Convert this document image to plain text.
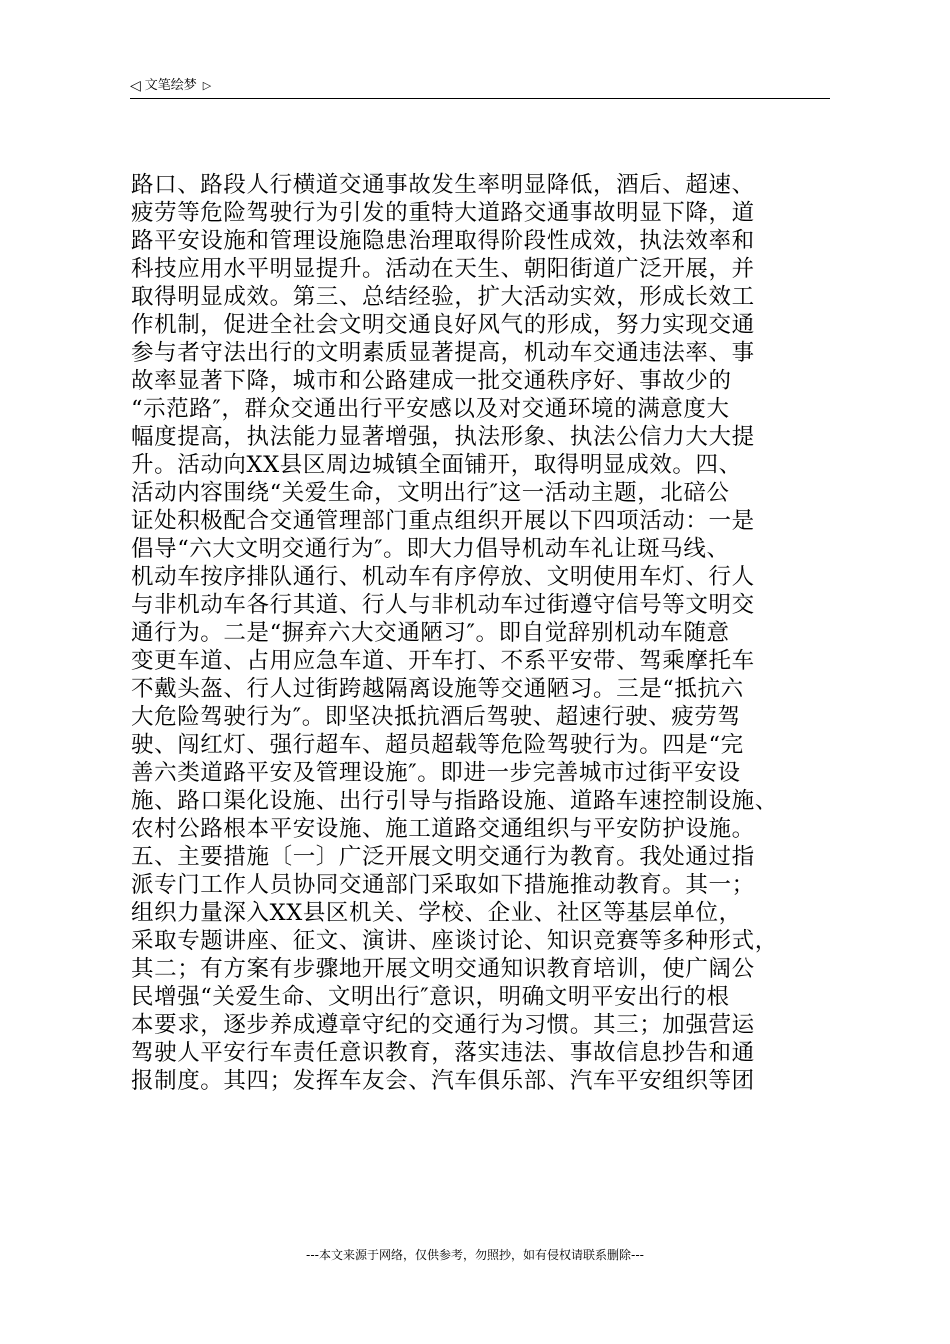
◁ 文笔绘梦 ▷
路口、路段人行横道交通事故发生率明显降低，酒后、超速、
疲劳等危险驾驶行为引发的重特大道路交通事故明显下降，道
路平安设施和管理设施隐患治理取得阶段性成效，执法效率和
科技应用水平明显提升。活动在天生、朝阳街道广泛开展，并
取得明显成效。第三、总结经验，扩大活动实效，形成长效工
作机制，促进全社会文明交通良好风气的形成，努力实现交通
参与者守法出行的文明素质显著提高，机动车交通违法率、事
故率显著下降，城市和公路建成一批交通秩序好、事故少的
“示范路″，群众交通出行平安感以及对交通环境的满意度大
幅度提高，执法能力显著增强，执法形象、执法公信力大大提
升。活动向XX县区周边城镇全面铺开，取得明显成效。四、
活动内容围绕“关爱生命，文明出行″这一活动主题，北碚公
证处积极配合交通管理部门重点组织开展以下四项活动：一是
倡导“六大文明交通行为″。即大力倡导机动车礼让斑马线、
机动车按序排队通行、机动车有序停放、文明使用车灯、行人
与非机动车各行其道、行人与非机动车过街遵守信号等文明交
通行为。二是“摒弃六大交通陋习″。即自觉辞别机动车随意
变更车道、占用应急车道、开车打、不系平安带、驾乘摩托车
不戴头盔、行人过街跨越隔离设施等交通陋习。三是“抵抗六
大危险驾驶行为″。即坚决抵抗酒后驾驶、超速行驶、疲劳驾
驶、闯红灯、强行超车、超员超载等危险驾驶行为。四是“完
善六类道路平安及管理设施″。即进一步完善城市过街平安设
施、路口渠化设施、出行引导与指路设施、道路车速控制设施、
农村公路根本平安设施、施工道路交通组织与平安防护设施。
五、主要措施〔一〕广泛开展文明交通行为教育。我处通过指
派专门工作人员协同交通部门采取如下措施推动教育。其一；
组织力量深入XX县区机关、学校、企业、社区等基层单位，
采取专题讲座、征文、演讲、座谈讨论、知识竞赛等多种形式，
其二；有方案有步骤地开展文明交通知识教育培训，使广阔公
民增强“关爱生命、文明出行″意识，明确文明平安出行的根
本要求，逐步养成遵章守纪的交通行为习惯。其三；加强营运
驾驶人平安行车责任意识教育，落实违法、事故信息抄告和通
报制度。其四；发挥车友会、汽车俱乐部、汽车平安组织等团
---本文来源于网络，仅供参考，勿照抄，如有侵权请联系删除---
